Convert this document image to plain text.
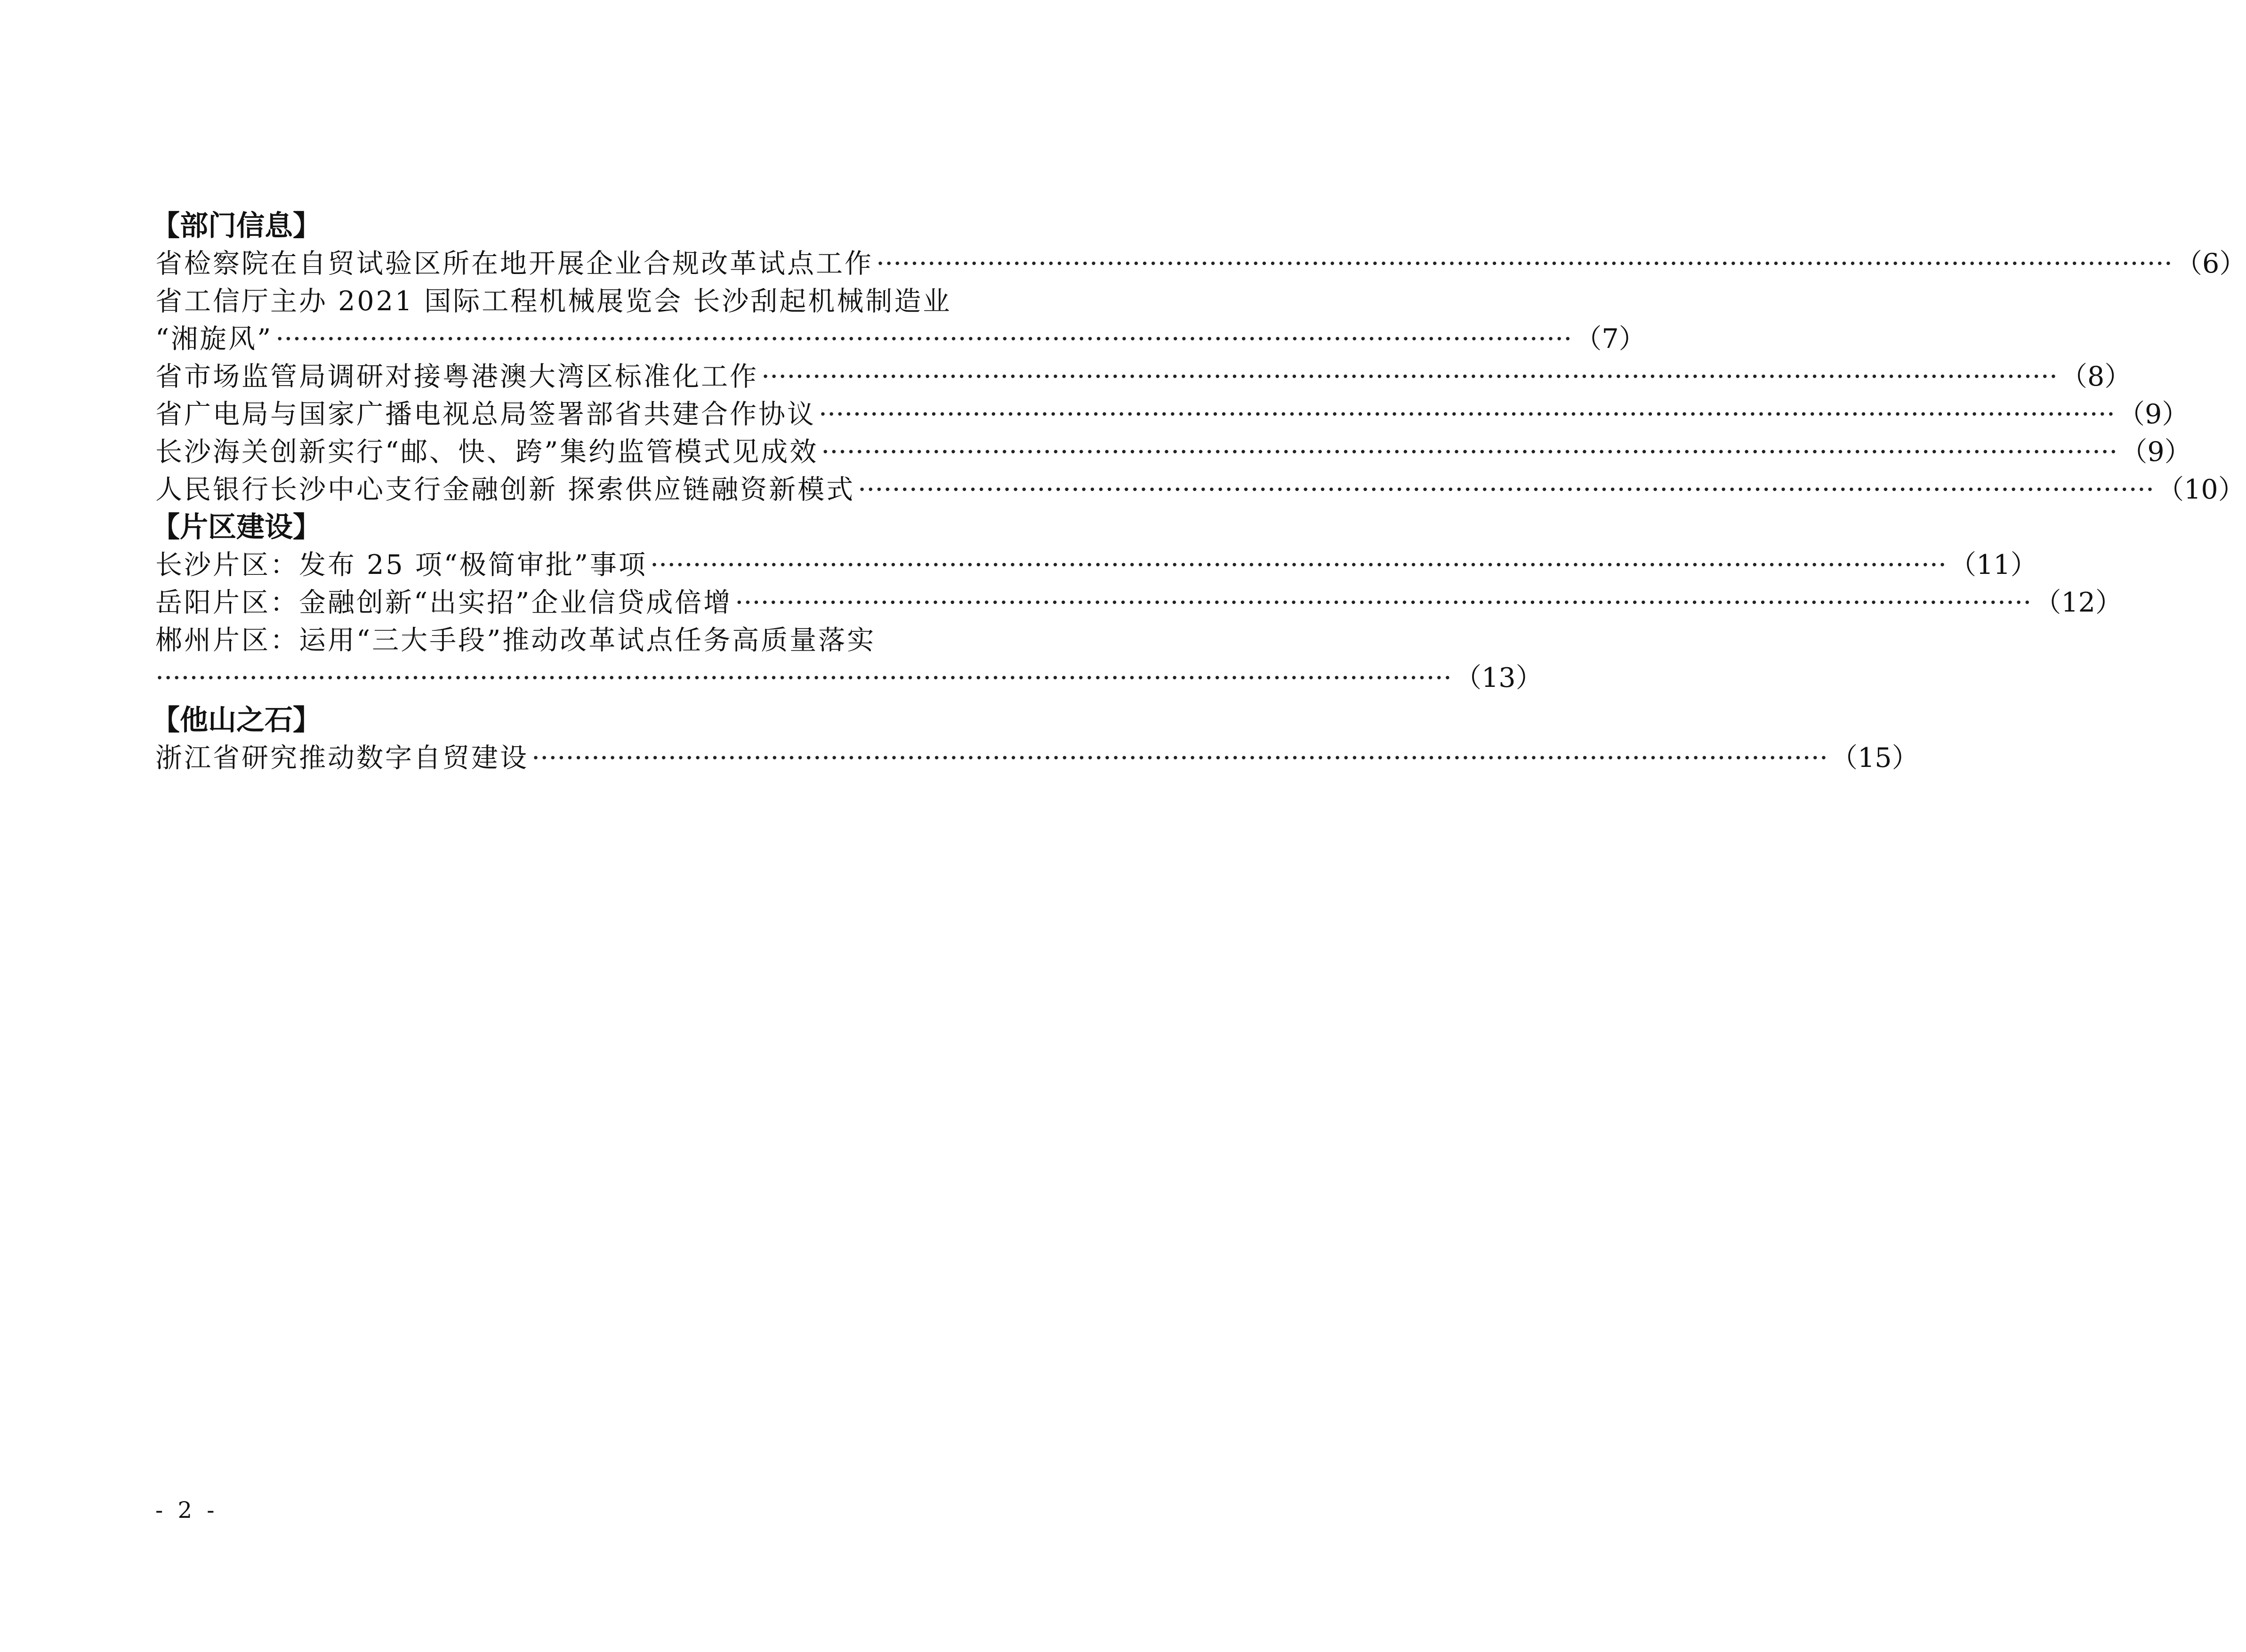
【部门信息】
省检察院在自贸试验区所在地开展企业合规改革试点工作 ·····	（6）
省工信厅主办 2021 国际工程机械展览会 长沙刮起机械制造业
“湘旋风” ·····	（7）
省市场监管局调研对接粤港澳大湾区标准化工作 ·····	（8）
省广电局与国家广播电视总局签署部省共建合作协议 ·····	（9）
长沙海关创新实行“邮、快、跨”集约监管模式见成效 ·····	（9）
人民银行长沙中心支行金融创新 探索供应链融资新模式 ·····	（10）
【片区建设】
长沙片区：发布 25 项“极简审批”事项 ·····	（11）
岳阳片区：金融创新“出实招”企业信贷成倍增 ·····	（12）
郴州片区：运用“三大手段”推动改革试点任务高质量落实
·····
（13）
【他山之石】
浙江省研究推动数字自贸建设 ·····	（15）
- 2 -
